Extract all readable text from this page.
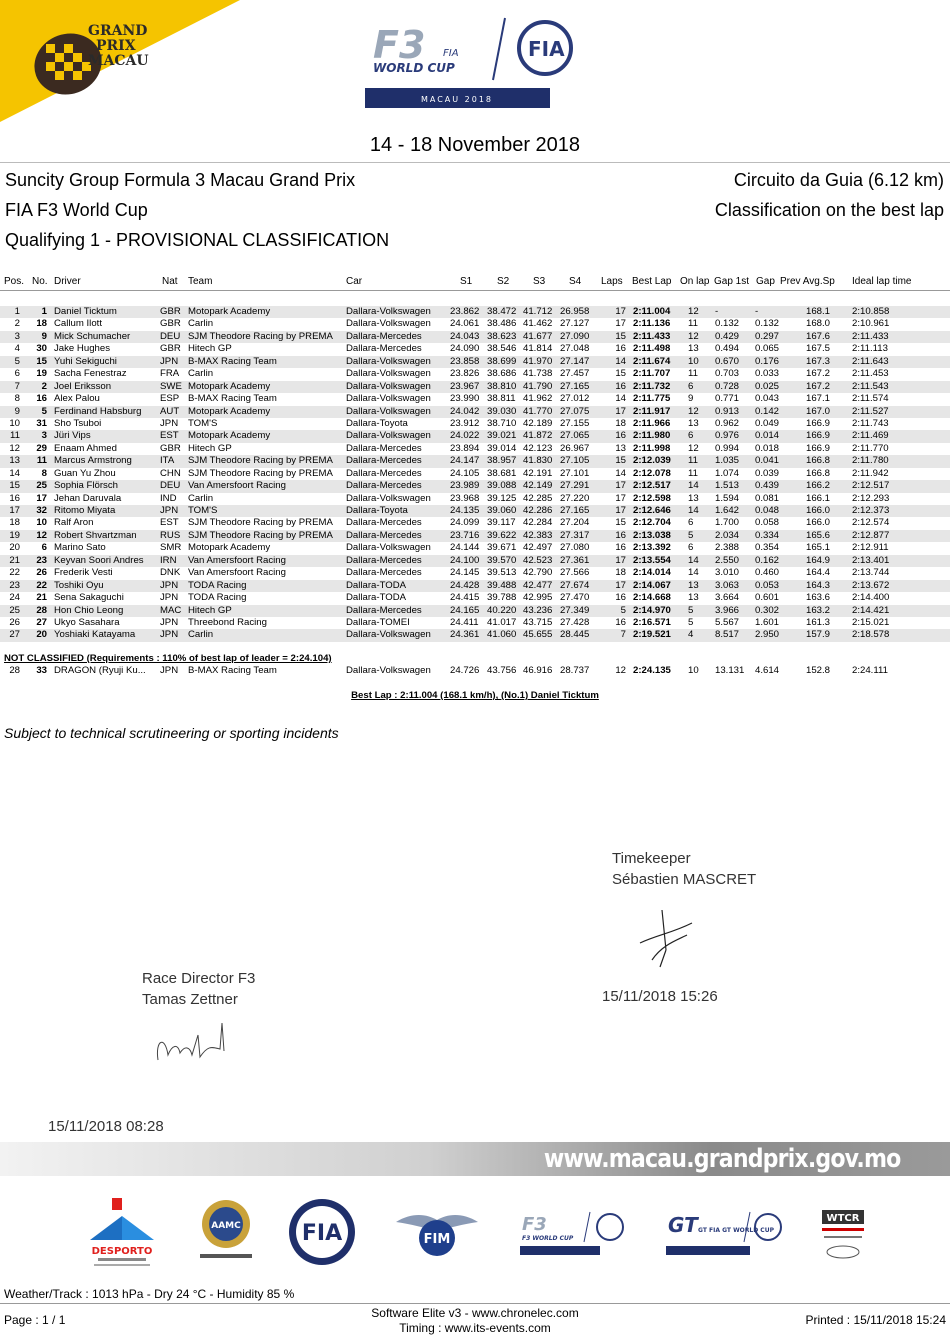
GRAND
PRIX
MACAU	F3 FIA
WORLD CUP
FIA
MACAU 2018
14 - 18 November 2018
Suncity Group Formula 3 Macau Grand Prix
FIA F3 World Cup
Qualifying 1 - PROVISIONAL CLASSIFICATION
Circuito da Guia (6.12 km)
Classification on the best lap
Pos. No. Driver	Nat Team	Car	S1 S2 S3 S4 Laps Best Lap On lap Gap 1st Gap Prev Avg.Sp Ideal lap time
1	1 Daniel Ticktum	GBR Motopark Academy	Dallara-Volkswagen 23.862 38.472 41.712 26.958	17 2:11.004 12 -	-	168.1 2:10.858
2	18 Callum Ilott	GBR Carlin	Dallara-Volkswagen 24.061 38.486 41.462 27.127	17 2:11.136 11 0.132 0.132	168.0 2:10.961
3	9 Mick Schumacher	DEU SJM Theodore Racing by PREMA Dallara-Mercedes	24.043 38.623 41.677 27.090	15 2:11.433 12 0.429 0.297	167.6 2:11.433
4	30 Jake Hughes	GBR Hitech GP	Dallara-Mercedes	24.090 38.546 41.814 27.048	16 2:11.498 13 0.494 0.065	167.5 2:11.113
5	15 Yuhi Sekiguchi	JPN B-MAX Racing Team	Dallara-Volkswagen 23.858 38.699 41.970 27.147	14 2:11.674 10 0.670 0.176	167.3 2:11.643
6	19 Sacha Fenestraz	FRA Carlin	Dallara-Volkswagen 23.826 38.686 41.738 27.457	15 2:11.707 11 0.703 0.033	167.2 2:11.453
7	2 Joel Eriksson	SWE Motopark Academy	Dallara-Volkswagen 23.967 38.810 41.790 27.165	16 2:11.732 6 0.728 0.025	167.2 2:11.543
8	16 Alex Palou	ESP B-MAX Racing Team	Dallara-Volkswagen 23.990 38.811 41.962 27.012	14 2:11.775 9 0.771 0.043	167.1 2:11.574
9	5 Ferdinand Habsburg AUT Motopark Academy	Dallara-Volkswagen 24.042 39.030 41.770 27.075	17 2:11.917 12 0.913 0.142	167.0 2:11.527
10	31 Sho Tsuboi	JPN TOM'S	Dallara-Toyota	23.912 38.710 42.189 27.155	18 2:11.966 13 0.962 0.049	166.9 2:11.743
11	3 Jüri Vips	EST Motopark Academy	Dallara-Volkswagen 24.022 39.021 41.872 27.065	16 2:11.980 6 0.976 0.014	166.9 2:11.469
12	29 Enaam Ahmed	GBR Hitech GP	Dallara-Mercedes	23.894 39.014 42.123 26.967	13 2:11.998 12 0.994 0.018	166.9 2:11.770
13	11 Marcus Armstrong	ITA SJM Theodore Racing by PREMA Dallara-Mercedes	24.147 38.957 41.830 27.105	15 2:12.039 11 1.035 0.041	166.8 2:11.780
14	8 Guan Yu Zhou	CHN SJM Theodore Racing by PREMA Dallara-Mercedes	24.105 38.681 42.191 27.101	14 2:12.078 11 1.074 0.039	166.8 2:11.942
15	25 Sophia Flörsch	DEU Van Amersfoort Racing	Dallara-Mercedes	23.989 39.088 42.149 27.291	17 2:12.517 14 1.513 0.439	166.2 2:12.517
16	17 Jehan Daruvala	IND Carlin	Dallara-Volkswagen 23.968 39.125 42.285 27.220	17 2:12.598 13 1.594 0.081	166.1 2:12.293
17	32 Ritomo Miyata	JPN TOM'S	Dallara-Toyota	24.135 39.060 42.286 27.165	17 2:12.646 14 1.642 0.048	166.0 2:12.373
18	10 Ralf Aron	EST SJM Theodore Racing by PREMA Dallara-Mercedes	24.099 39.117 42.284 27.204	15 2:12.704 6 1.700 0.058	166.0 2:12.574
19	12 Robert Shvartzman RUS SJM Theodore Racing by PREMA Dallara-Mercedes	23.716 39.622 42.383 27.317	16 2:13.038 5 2.034 0.334	165.6 2:12.877
20	6 Marino Sato	SMR Motopark Academy	Dallara-Volkswagen 24.144 39.671 42.497 27.080	16 2:13.392 6 2.388 0.354	165.1 2:12.911
21	23 Keyvan Soori Andres IRN Van Amersfoort Racing	Dallara-Mercedes	24.100 39.570 42.523 27.361	17 2:13.554 14 2.550 0.162	164.9 2:13.401
22	26 Frederik Vesti	DNK Van Amersfoort Racing	Dallara-Mercedes	24.145 39.513 42.790 27.566	18 2:14.014 14 3.010 0.460	164.4 2:13.744
23	22 Toshiki Oyu	JPN TODA Racing	Dallara-TODA	24.428 39.488 42.477 27.674	17 2:14.067 13 3.063 0.053	164.3 2:13.672
24	21 Sena Sakaguchi	JPN TODA Racing	Dallara-TODA	24.415 39.788 42.995 27.470	16 2:14.668 13 3.664 0.601	163.6 2:14.400
25	28 Hon Chio Leong	MAC Hitech GP	Dallara-Mercedes	24.165 40.220 43.236 27.349	5 2:14.970 5 3.966 0.302	163.2 2:14.421
26	27 Ukyo Sasahara	JPN Threebond Racing	Dallara-TOMEI	24.411 41.017 43.715 27.428	16 2:16.571 5 5.567 1.601	161.3 2:15.021
27	20 Yoshiaki Katayama	JPN Carlin	Dallara-Volkswagen 24.361 41.060 45.655 28.445	7 2:19.521 4 8.517 2.950	157.9 2:18.578
NOT CLASSIFIED (Requirements : 110% of best lap of leader = 2:24.104)
28	33 DRAGON (Ryuji Ku... JPN B-MAX Racing Team	Dallara-Volkswagen 24.726 43.756 46.916 28.737	12 2:24.135 10 13.131 4.614	152.8 2:24.111
Best Lap : 2:11.004 (168.1 km/h), (No.1) Daniel Ticktum
Subject to technical scrutineering or sporting incidents
Timekeeper
Sébastien MASCRET
15/11/2018 15:26
Race Director F3
Tamas Zettner
15/11/2018 08:28
www.macau.grandprix.gov.mo
DESPORTO
AAMC	FIA	FIM
F3
F3 WORLD CUP
GT GT FIA GT WORLD CUP
WTCR
Weather/Track : 1013 hPa - Dry 24 °C - Humidity 85 %
Page : 1 / 1	Software Elite v3 - www.chronelec.com
Timing : www.its-events.com
Printed : 15/11/2018 15:24
